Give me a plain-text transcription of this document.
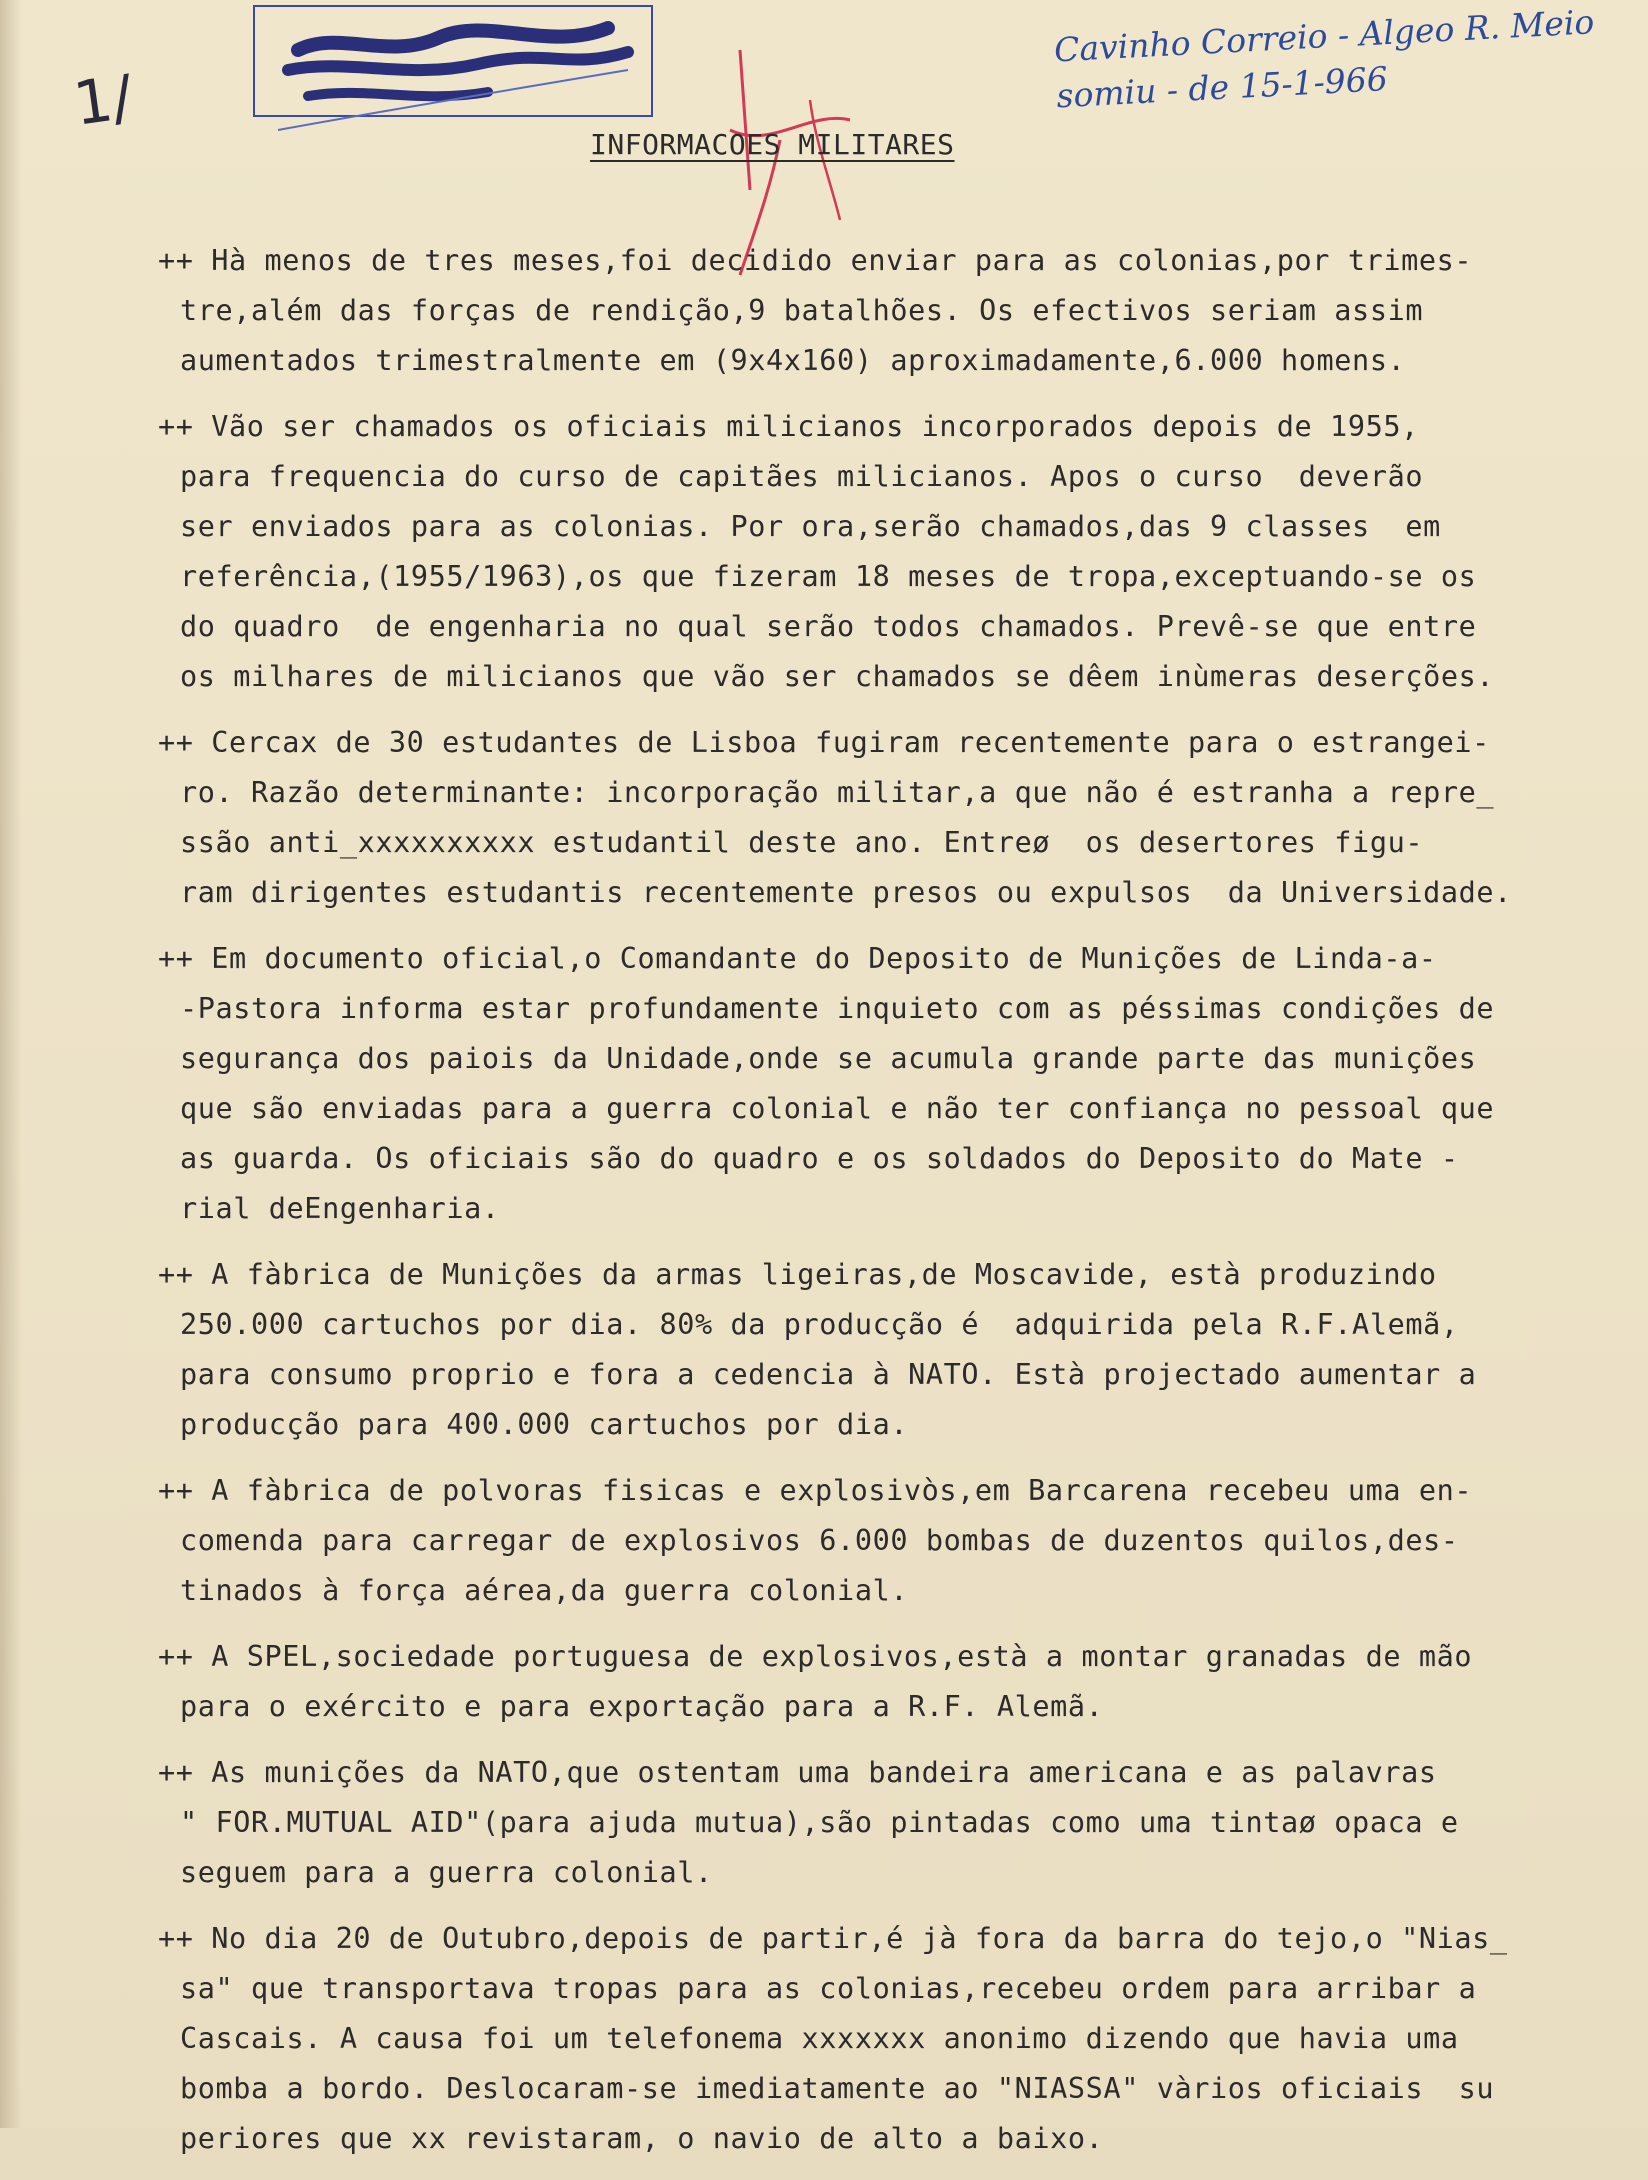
1/
Cavinho Correio - Algeo R. Meio
somiu - de 15-1-966
INFORMACOES MILITARES
++ Hà menos de tres meses,foi decidido enviar para as colonias,por trimes-
tre,além das forças de rendição,9 batalhões. Os efectivos seriam assim
aumentados trimestralmente em (9x4x160) aproximadamente,6.000 homens.
++ Vão ser chamados os oficiais milicianos incorporados depois de 1955,
para frequencia do curso de capitães milicianos. Apos o curso  deverão
ser enviados para as colonias. Por ora,serão chamados,das 9 classes  em
referência,(1955/1963),os que fizeram 18 meses de tropa,exceptuando-se os
do quadro  de engenharia no qual serão todos chamados. Prevê-se que entre
os milhares de milicianos que vão ser chamados se dêem inùmeras deserções.
++ Cercax de 30 estudantes de Lisboa fugiram recentemente para o estrangei-
ro. Razão determinante: incorporação militar,a que não é estranha a repre_
ssão anti_xxxxxxxxxx estudantil deste ano. Entreø  os desertores figu-
ram dirigentes estudantis recentemente presos ou expulsos  da Universidade.
++ Em documento oficial,o Comandante do Deposito de Munições de Linda-a-
-Pastora informa estar profundamente inquieto com as péssimas condições de
segurança dos paiois da Unidade,onde se acumula grande parte das munições
que são enviadas para a guerra colonial e não ter confiança no pessoal que
as guarda. Os oficiais são do quadro e os soldados do Deposito do Mate -
rial deEngenharia.
++ A fàbrica de Munições da armas ligeiras,de Moscavide, està produzindo
250.000 cartuchos por dia. 80% da producção é  adquirida pela R.F.Alemã,
para consumo proprio e fora a cedencia à NATO. Està projectado aumentar a
producção para 400.000 cartuchos por dia.
++ A fàbrica de polvoras fisicas e explosivòs,em Barcarena recebeu uma en-
comenda para carregar de explosivos 6.000 bombas de duzentos quilos,des-
tinados à força aérea,da guerra colonial.
++ A SPEL,sociedade portuguesa de explosivos,està a montar granadas de mão
para o exército e para exportação para a R.F. Alemã.
++ As munições da NATO,que ostentam uma bandeira americana e as palavras
" FOR.MUTUAL AID"(para ajuda mutua),são pintadas como uma tintaø opaca e
seguem para a guerra colonial.
++ No dia 20 de Outubro,depois de partir,é jà fora da barra do tejo,o "Nias_
sa" que transportava tropas para as colonias,recebeu ordem para arribar a
Cascais. A causa foi um telefonema xxxxxxx anonimo dizendo que havia uma
bomba a bordo. Deslocaram-se imediatamente ao "NIASSA" vàrios oficiais  su
periores que xx revistaram, o navio de alto a baixo.
